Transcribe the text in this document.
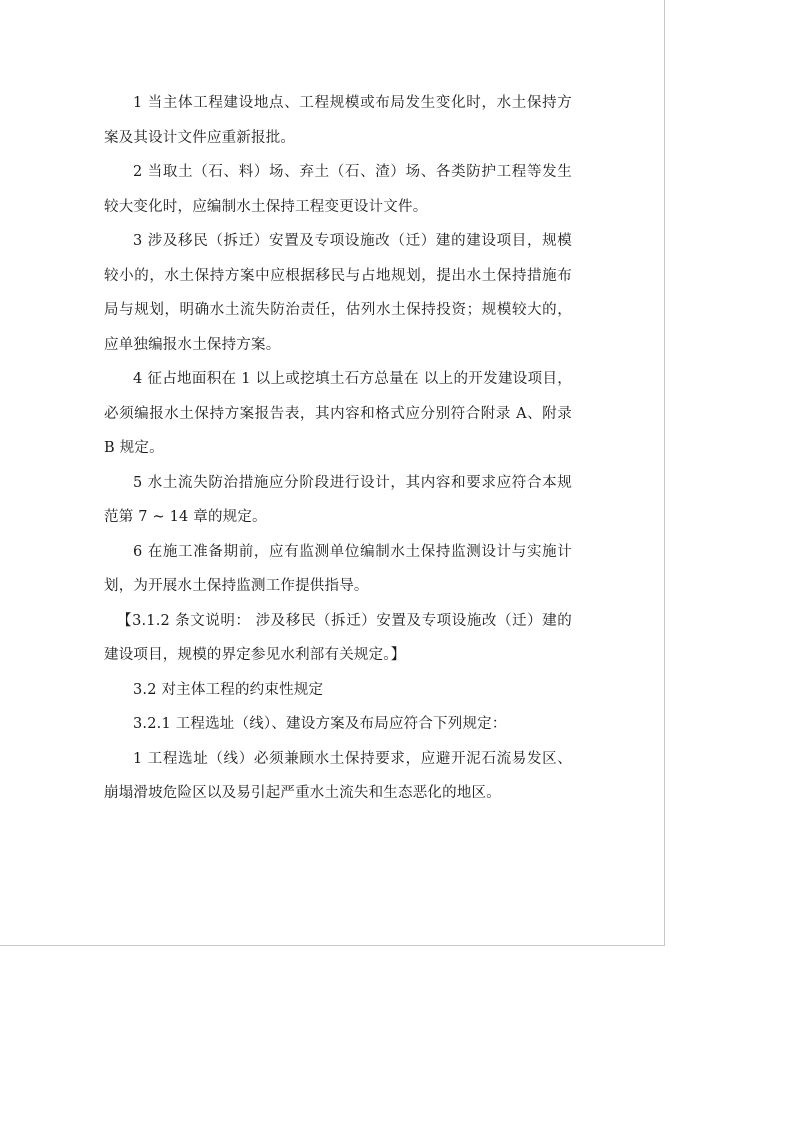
1 当主体工程建设地点、工程规模或布局发生变化时，水土保持方案及其设计文件应重新报批。

2 当取土（石、料）场、弃土（石、渣）场、各类防护工程等发生较大变化时，应编制水土保持工程变更设计文件。

3 涉及移民（拆迁）安置及专项设施改（迁）建的建设项目，规模较小的，水土保持方案中应根据移民与占地规划，提出水土保持措施布局与规划，明确水土流失防治责任，估列水土保持投资；规模较大的，应单独编报水土保持方案。

4 征占地面积在 1 以上或挖填土石方总量在 以上的开发建设项目，必须编报水土保持方案报告表，其内容和格式应分别符合附录 A、附录 B 规定。

5 水土流失防治措施应分阶段进行设计，其内容和要求应符合本规范第 7 ~ 14 章的规定。

6 在施工准备期前，应有监测单位编制水土保持监测设计与实施计划，为开展水土保持监测工作提供指导。

【3.1.2 条文说明： 涉及移民（拆迁）安置及专项设施改（迁）建的建设项目，规模的界定参见水利部有关规定。】

3.2 对主体工程的约束性规定

3.2.1 工程选址（线）、建设方案及布局应符合下列规定：

1 工程选址（线）必须兼顾水土保持要求，应避开泥石流易发区、崩塌滑坡危险区以及易引起严重水土流失和生态恶化的地区。
